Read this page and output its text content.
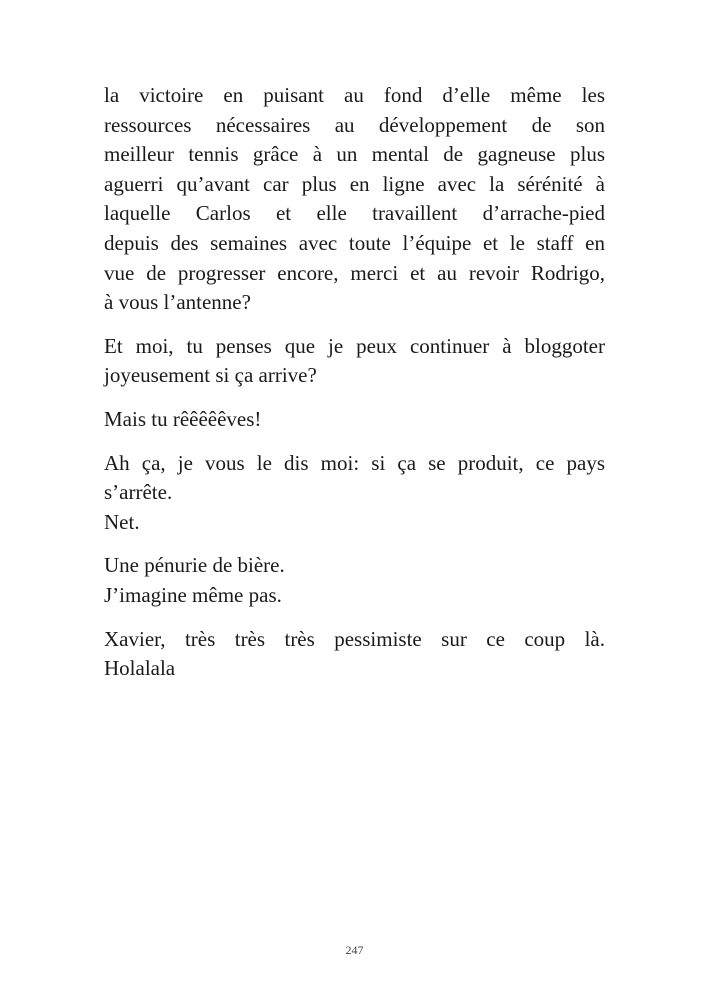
la victoire en puisant au fond d’elle même les
ressources nécessaires au développement de son
meilleur tennis grâce à un mental de gagneuse plus
aguerri qu’avant car plus en ligne avec la sérénité à
laquelle Carlos et elle travaillent d’arrache-pied
depuis des semaines avec toute l’équipe et le staff en
vue de progresser encore, merci et au revoir Rodrigo,
à vous l’antenne?

Et moi, tu penses que je peux continuer à bloggoter
joyeusement si ça arrive?

Mais tu rêêêêêves!

Ah ça, je vous le dis moi: si ça se produit, ce pays
s’arrête.
Net.

Une pénurie de bière.
J’imagine même pas.

Xavier, très très très pessimiste sur ce coup là.
Holalala

247
